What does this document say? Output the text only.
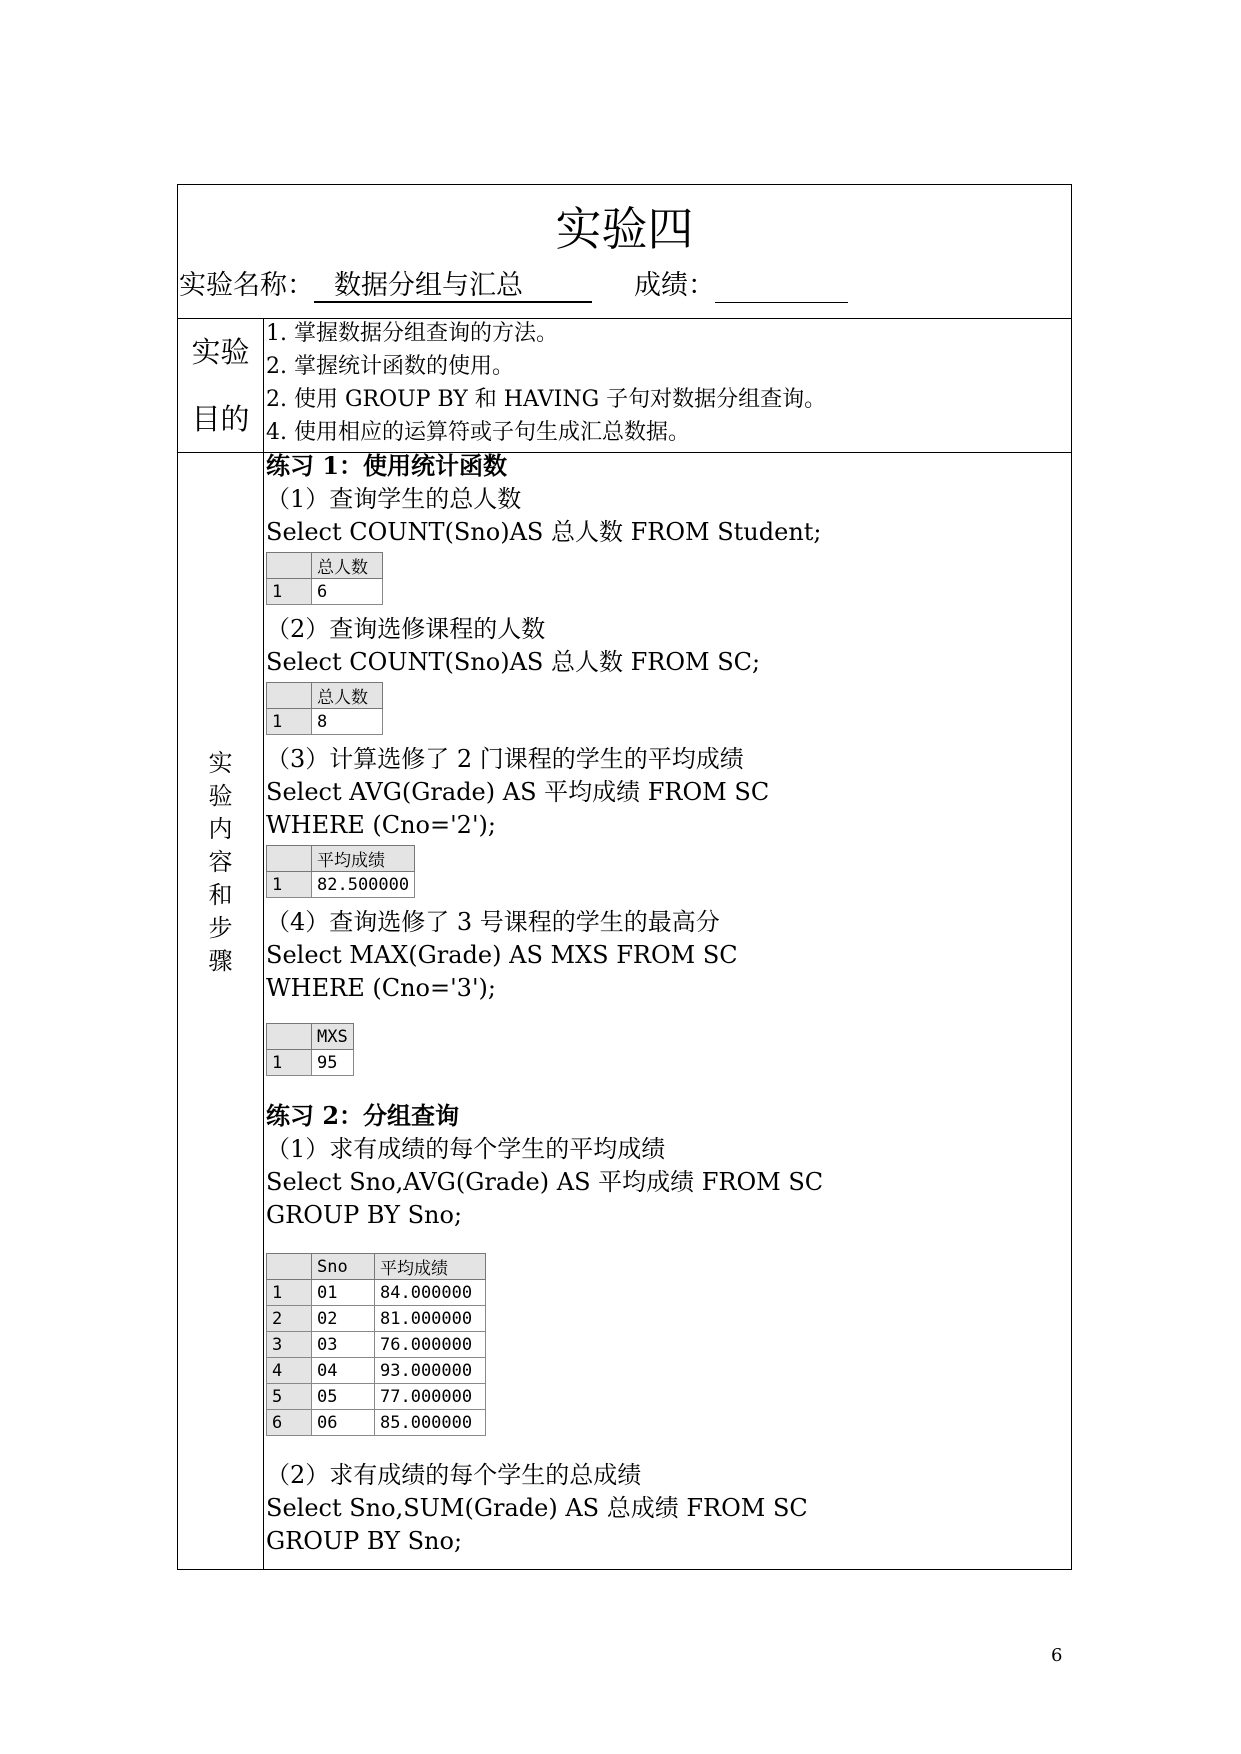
实验四
实验名称： 数据分组与汇总	成绩：
实验
目的
1. 掌握数据分组查询的方法。
2. 掌握统计函数的使用。
2. 使用 GROUP BY 和 HAVING 子句对数据分组查询。
4. 使用相应的运算符或子句生成汇总数据。
实
验
内
容
和
步
骤
练习 1：使用统计函数
（1）查询学生的总人数
Select COUNT(Sno)AS 总人数 FROM Student;
	总人数
1	6
（2）查询选修课程的人数
Select COUNT(Sno)AS 总人数 FROM SC;
	总人数
1	8
（3）计算选修了 2 门课程的学生的平均成绩
Select AVG(Grade) AS 平均成绩 FROM SC
WHERE (Cno='2');
	平均成绩
1	82.500000
（4）查询选修了 3 号课程的学生的最高分
Select MAX(Grade) AS MXS FROM SC
WHERE (Cno='3');
	MXS
1	95
练习 2：分组查询
（1）求有成绩的每个学生的平均成绩
Select Sno,AVG(Grade) AS 平均成绩 FROM SC
GROUP BY Sno;
	Sno	平均成绩
1	01	84.000000
2	02	81.000000
3	03	76.000000
4	04	93.000000
5	05	77.000000
6	06	85.000000
（2）求有成绩的每个学生的总成绩
Select Sno,SUM(Grade) AS 总成绩 FROM SC
GROUP BY Sno;
6
